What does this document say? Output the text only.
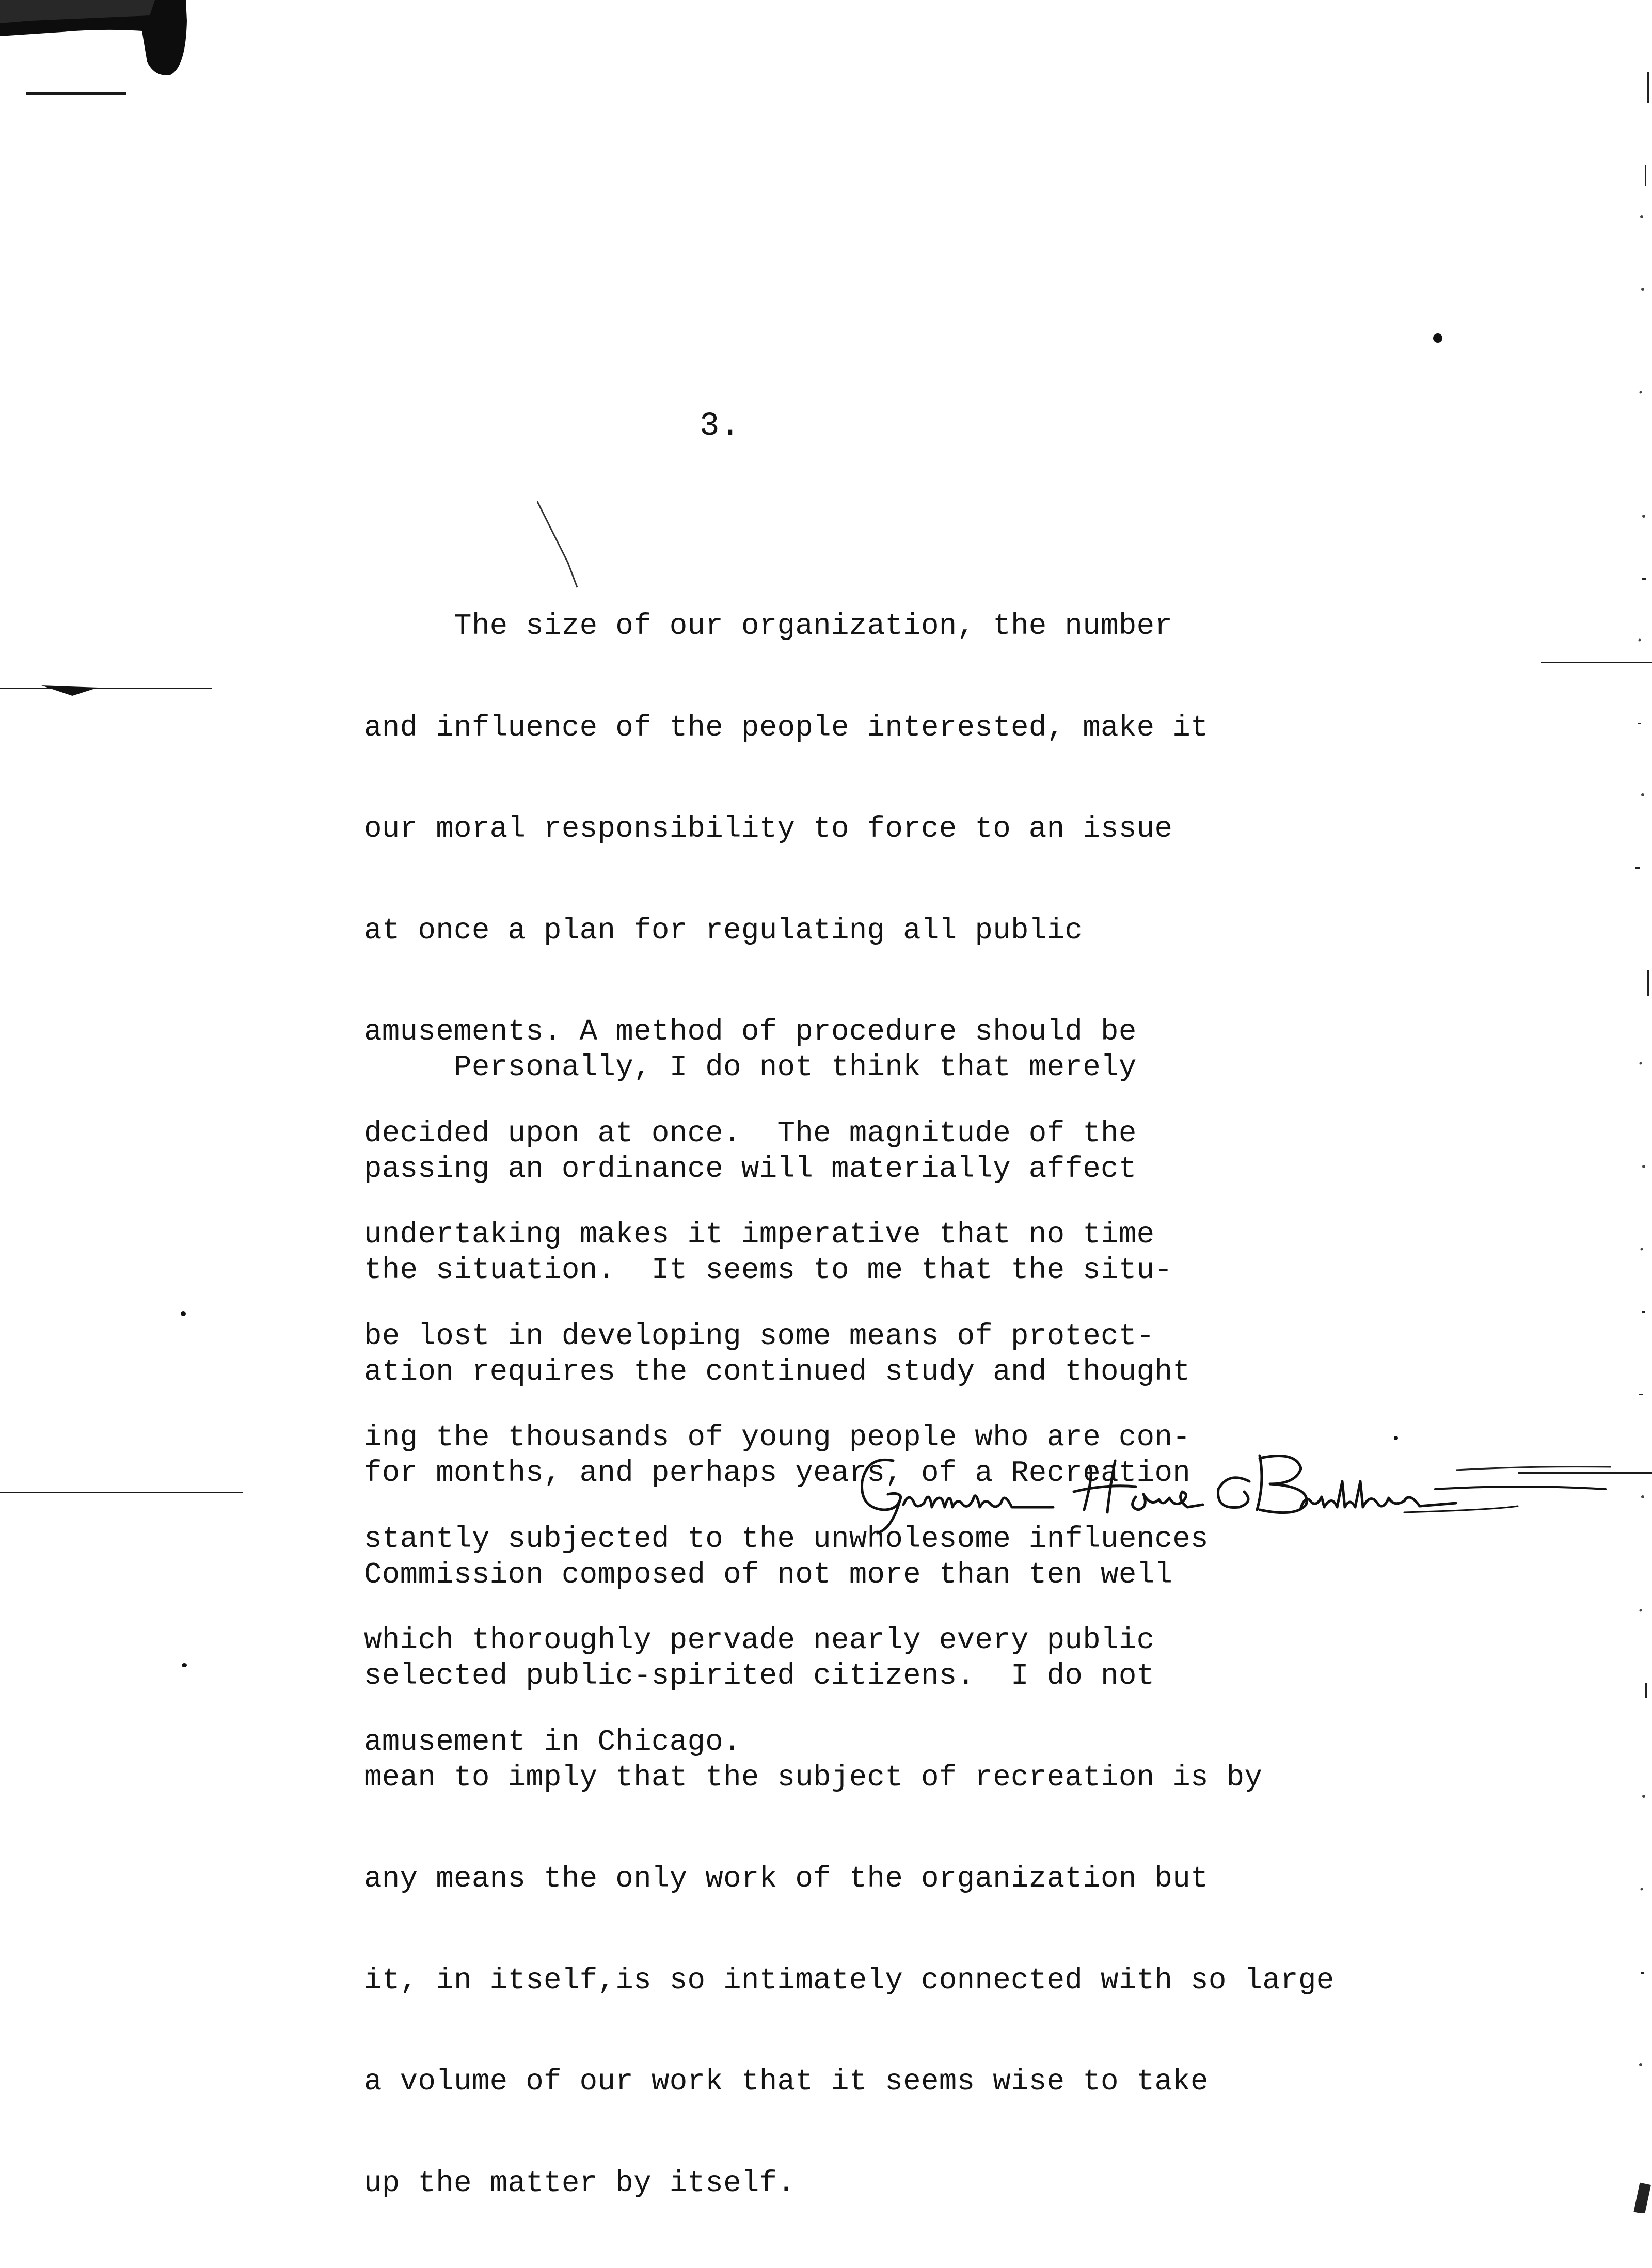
3.

The size of our organization, the number

and influence of the people interested, make it

our moral responsibility to force to an issue

at once a plan for regulating all public

amusements. A method of procedure should be

decided upon at once.  The magnitude of the

undertaking makes it imperative that no time

be lost in developing some means of protect-

ing the thousands of young people who are con-

stantly subjected to the unwholesome influences

which thoroughly pervade nearly every public

amusement in Chicago.

Personally, I do not think that merely

passing an ordinance will materially affect

the situation.  It seems to me that the situ-

ation requires the continued study and thought

for months, and perhaps years, of a Recreation

Commission composed of not more than ten well

selected public-spirited citizens.  I do not

mean to imply that the subject of recreation is by

any means the only work of the organization but

it, in itself,is so intimately connected with so large

a volume of our work that it seems wise to take

up the matter by itself.
